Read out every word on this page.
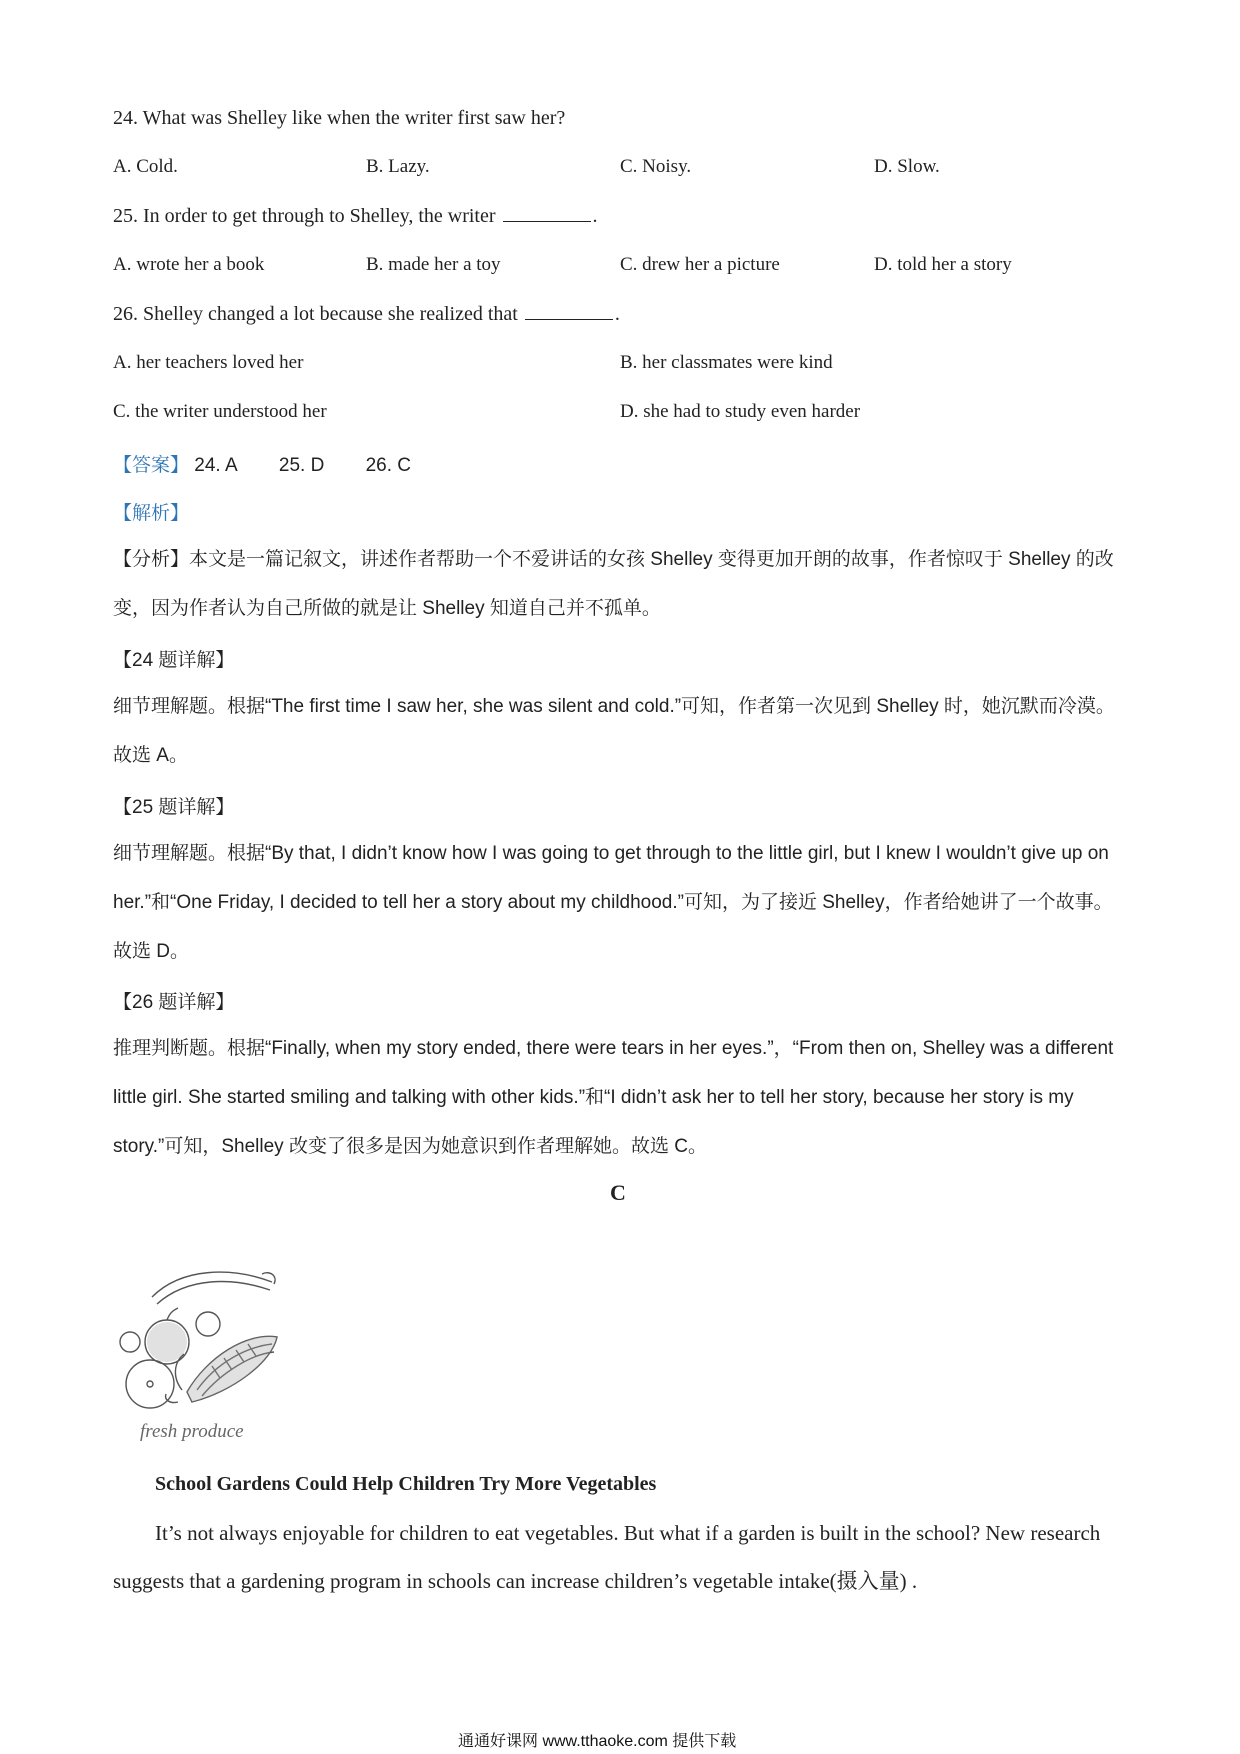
24. What was Shelley like when the writer first saw her?
A. Cold.	B. Lazy.	C. Noisy.	D. Slow.
25. In order to get through to Shelley, the writer	.
A. wrote her a book	B. made her a toy	C. drew her a picture	D. told her a story
26. Shelley changed a lot because she realized that	.
A. her teachers loved her	B. her classmates were kind
C. the writer understood her	D. she had to study even harder
【答案】 24. A 25. D 26. C
【解析】
【分析】本文是一篇记叙文，讲述作者帮助一个不爱讲话的女孩 Shelley 变得更加开朗的故事，作者惊叹于 Shelley 的改变，因为作者认为自己所做的就是让 Shelley 知道自己并不孤单。
【24 题详解】
细节理解题。根据“The first time I saw her, she was silent and cold.”可知，作者第一次见到 Shelley 时，她沉默而冷漠。故选 A。
【25 题详解】
细节理解题。根据“By that, I didn’t know how I was going to get through to the little girl, but I knew I wouldn’t give up on her.”和“One Friday, I decided to tell her a story about my childhood.”可知，为了接近 Shelley，作者给她讲了一个故事。故选 D。
【26 题详解】
推理判断题。根据“Finally, when my story ended, there were tears in her eyes.”，“From then on, Shelley was a different little girl. She started smiling and talking with other kids.”和“I didn’t ask her to tell her story, because her story is my story.”可知，Shelley 改变了很多是因为她意识到作者理解她。故选 C。
C
fresh produce
School Gardens Could Help Children Try More Vegetables
It’s not always enjoyable for children to eat vegetables. But what if a garden is built in the school? New research suggests that a gardening program in schools can increase children’s vegetable intake(摄入量) .
通通好课网 www.tthaoke.com 提供下载
